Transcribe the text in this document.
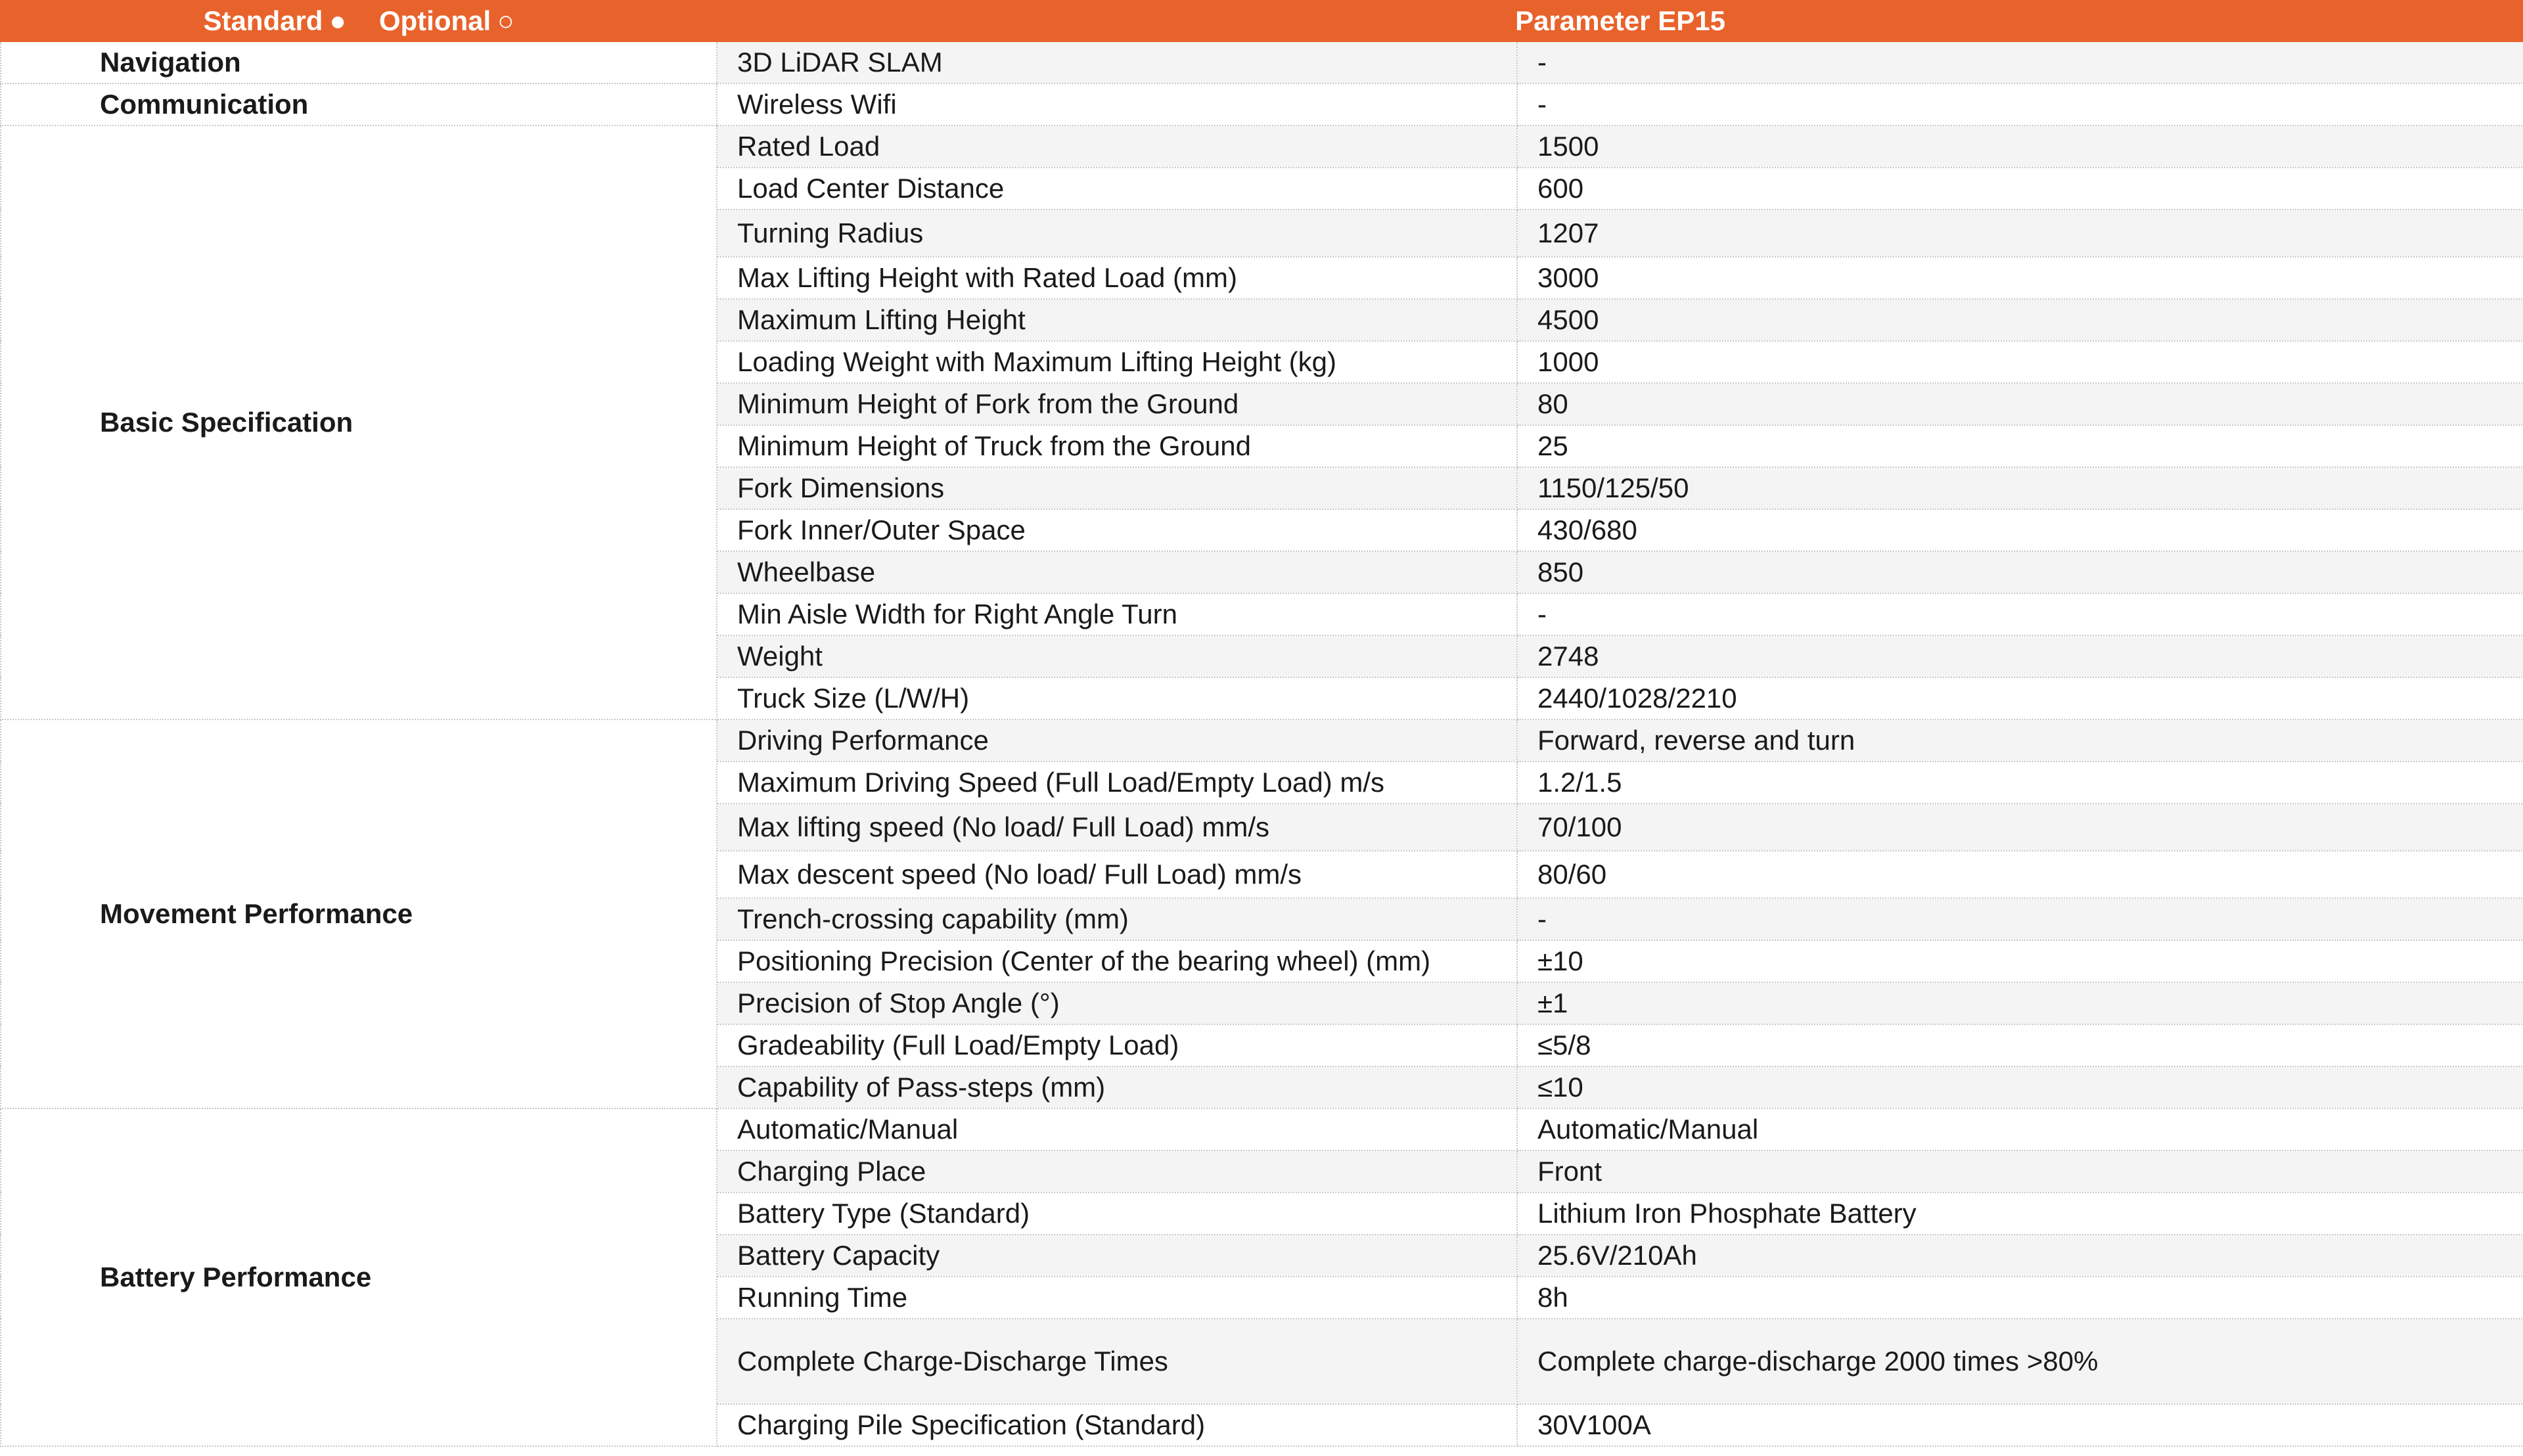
Standard ● Optional ○	Parameter EP15	
Navigation	3D LiDAR SLAM	-
Communication	Wireless Wifi	-
Basic Specification	Rated Load	1500
	Load Center Distance	600
	Turning Radius	1207
	Max Lifting Height with Rated Load (mm)	3000
	Maximum Lifting Height	4500
	Loading Weight with Maximum Lifting Height (kg)	1000
	Minimum Height of Fork from the Ground	80
	Minimum Height of Truck from the Ground	25
	Fork Dimensions	1150/125/50
	Fork Inner/Outer Space	430/680
	Wheelbase	850
	Min Aisle Width for Right Angle Turn	-
	Weight	2748
	Truck Size (L/W/H)	2440/1028/2210
Movement Performance	Driving Performance	Forward, reverse and turn
	Maximum Driving Speed (Full Load/Empty Load) m/s	1.2/1.5
	Max lifting speed (No load/ Full Load) mm/s	70/100
	Max descent speed (No load/ Full Load) mm/s	80/60
	Trench-crossing capability (mm)	-
	Positioning Precision (Center of the bearing wheel) (mm)	±10
	Precision of Stop Angle (°)	±1
	Gradeability (Full Load/Empty Load)	≤5/8
	Capability of Pass-steps (mm)	≤10
Battery Performance	Automatic/Manual	Automatic/Manual
	Charging Place	Front
	Battery Type (Standard)	Lithium Iron Phosphate Battery
	Battery Capacity	25.6V/210Ah
	Running Time	8h
	Complete Charge-Discharge Times	Complete charge-discharge 2000 times >80%
	Charging Pile Specification (Standard)	30V100A
